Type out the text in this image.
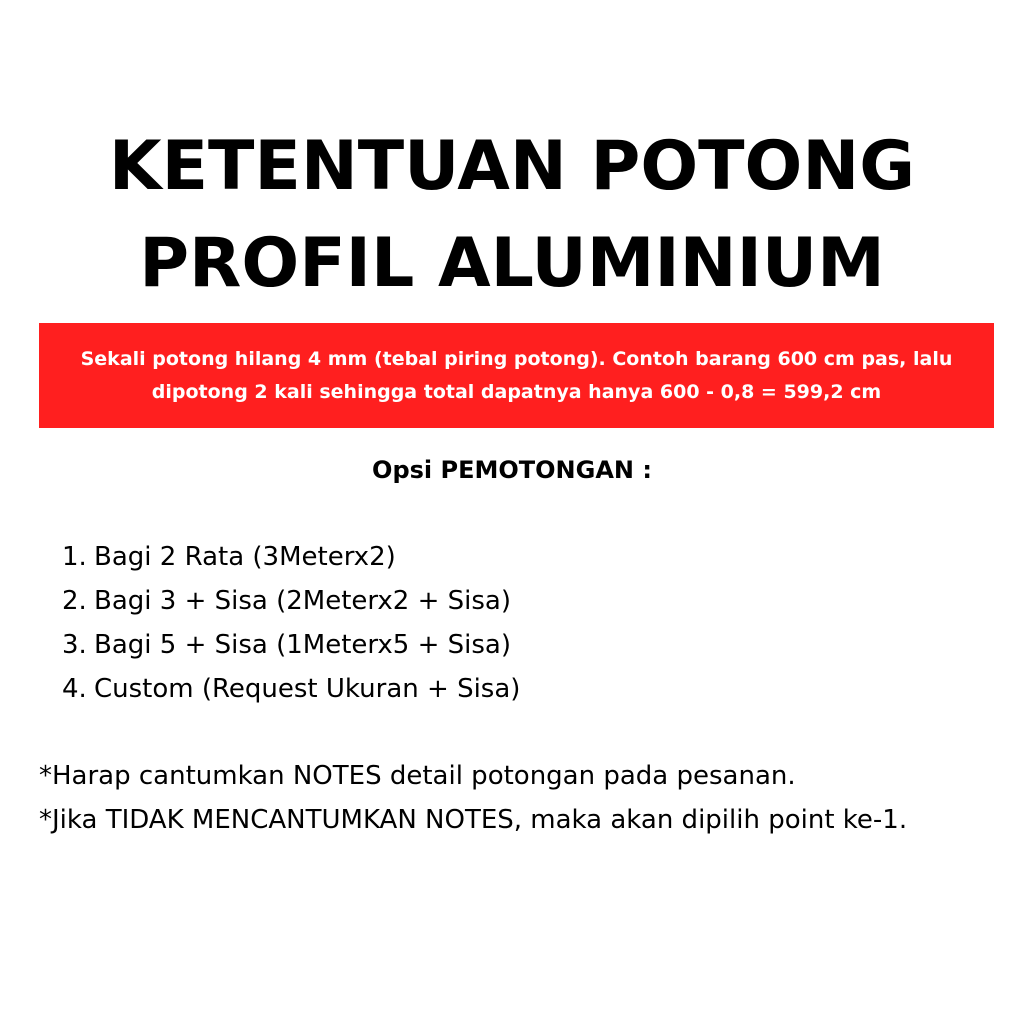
KETENTUAN POTONG
PROFIL ALUMINIUM

Sekali potong hilang 4 mm (tebal piring potong). Contoh barang 600 cm pas, lalu dipotong 2 kali sehingga total dapatnya hanya 600 - 0,8 = 599,2 cm

Opsi PEMOTONGAN :
1. Bagi 2 Rata (3Meterx2)
2. Bagi 3 + Sisa (2Meterx2 + Sisa)
3. Bagi 5 + Sisa (1Meterx5 + Sisa)
4. Custom (Request Ukuran + Sisa)

*Harap cantumkan NOTES detail potongan pada pesanan.

*Jika TIDAK MENCANTUMKAN NOTES, maka akan dipilih point ke-1.
